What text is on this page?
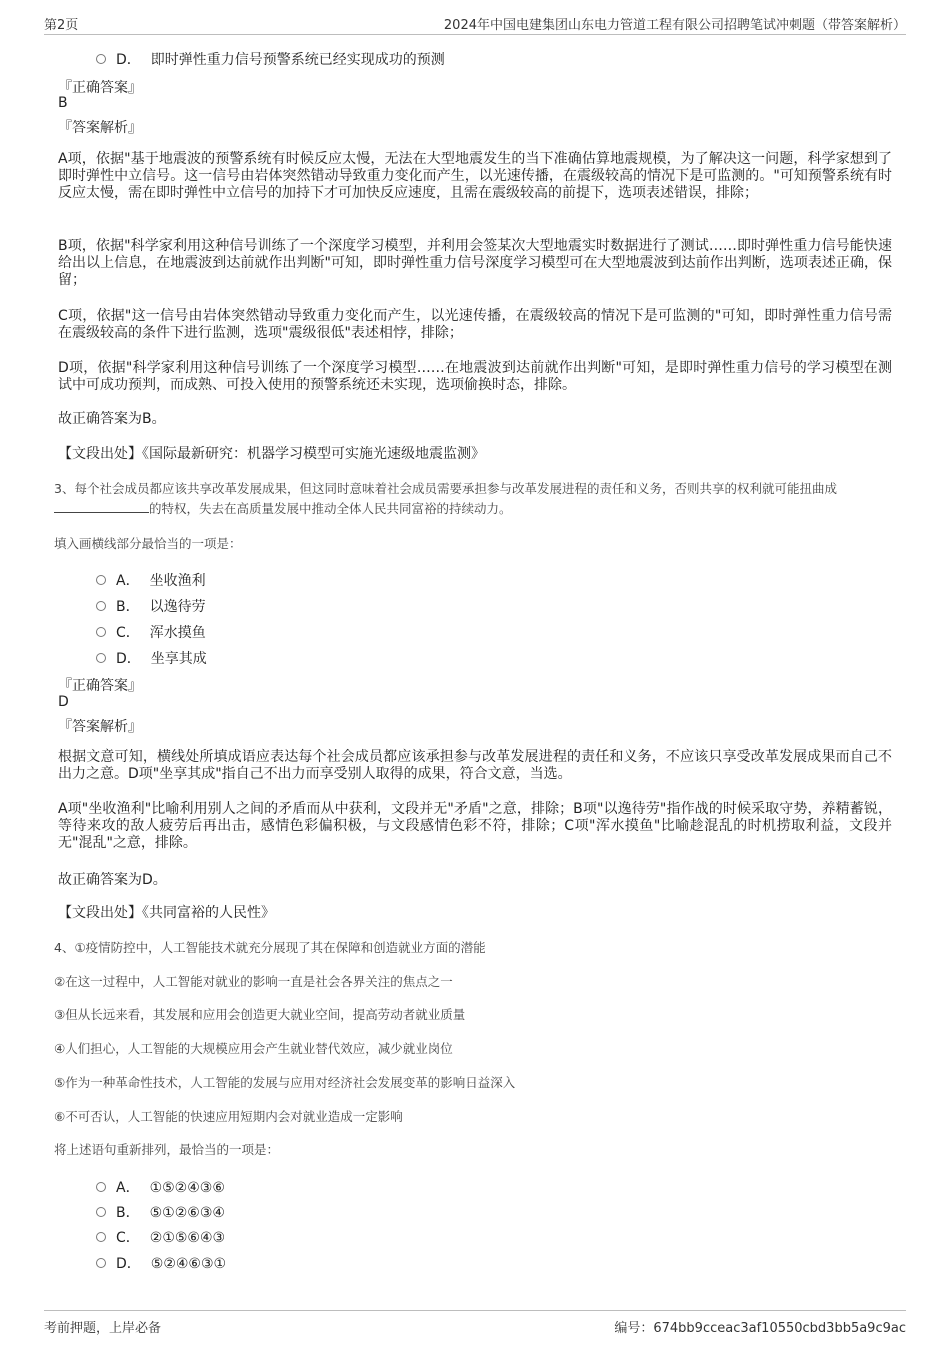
第2页	2024年中国电建集团山东电力管道工程有限公司招聘笔试冲刺题（带答案解析）
D． 即时弹性重力信号预警系统已经实现成功的预测
『正确答案』
B
『答案解析』
A项，依据"基于地震波的预警系统有时候反应太慢，无法在大型地震发生的当下准确估算地震规模，为了解决这一问题，科学家想到了即时弹性中立信号。这一信号由岩体突然错动导致重力变化而产生，以光速传播，在震级较高的情况下是可监测的。"可知预警系统有时反应太慢，需在即时弹性中立信号的加持下才可加快反应速度，且需在震级较高的前提下，选项表述错误，排除；
B项，依据"科学家利用这种信号训练了一个深度学习模型，并利用会签某次大型地震实时数据进行了测试……即时弹性重力信号能快速给出以上信息，在地震波到达前就作出判断"可知，即时弹性重力信号深度学习模型可在大型地震波到达前作出判断，选项表述正确，保留；
C项，依据"这一信号由岩体突然错动导致重力变化而产生，以光速传播，在震级较高的情况下是可监测的"可知，即时弹性重力信号需在震级较高的条件下进行监测，选项"震级很低"表述相悖，排除；
D项，依据"科学家利用这种信号训练了一个深度学习模型……在地震波到达前就作出判断"可知，是即时弹性重力信号的学习模型在测试中可成功预判，而成熟、可投入使用的预警系统还未实现，选项偷换时态，排除。
故正确答案为B。
【文段出处】《国际最新研究：机器学习模型可实施光速级地震监测》
3、每个社会成员都应该共享改革发展成果，但这同时意味着社会成员需要承担参与改革发展进程的责任和义务，否则共享的权利就可能扭曲成
的特权，失去在高质量发展中推动全体人民共同富裕的持续动力。
填入画横线部分最恰当的一项是：
A． 坐收渔利
B． 以逸待劳
C． 浑水摸鱼
D． 坐享其成
『正确答案』
D
『答案解析』
根据文意可知，横线处所填成语应表达每个社会成员都应该承担参与改革发展进程的责任和义务，不应该只享受改革发展成果而自己不出力之意。D项"坐享其成"指自己不出力而享受别人取得的成果，符合文意，当选。
A项"坐收渔利"比喻利用别人之间的矛盾而从中获利，文段并无"矛盾"之意，排除；B项"以逸待劳"指作战的时候采取守势，养精蓄锐，等待来攻的敌人疲劳后再出击，感情色彩偏积极，与文段感情色彩不符，排除；C项"浑水摸鱼"比喻趁混乱的时机捞取利益，文段并无"混乱"之意，排除。
故正确答案为D。
【文段出处】《共同富裕的人民性》
4、①疫情防控中，人工智能技术就充分展现了其在保障和创造就业方面的潜能
②在这一过程中，人工智能对就业的影响一直是社会各界关注的焦点之一
③但从长远来看，其发展和应用会创造更大就业空间，提高劳动者就业质量
④人们担心，人工智能的大规模应用会产生就业替代效应，减少就业岗位
⑤作为一种革命性技术，人工智能的发展与应用对经济社会发展变革的影响日益深入
⑥不可否认，人工智能的快速应用短期内会对就业造成一定影响
将上述语句重新排列，最恰当的一项是：
A． ①⑤②④③⑥
B． ⑤①②⑥③④
C． ②①⑤⑥④③
D． ⑤②④⑥③①
考前押题，上岸必备	编号：674bb9cceac3af10550cbd3bb5a9c9ac
